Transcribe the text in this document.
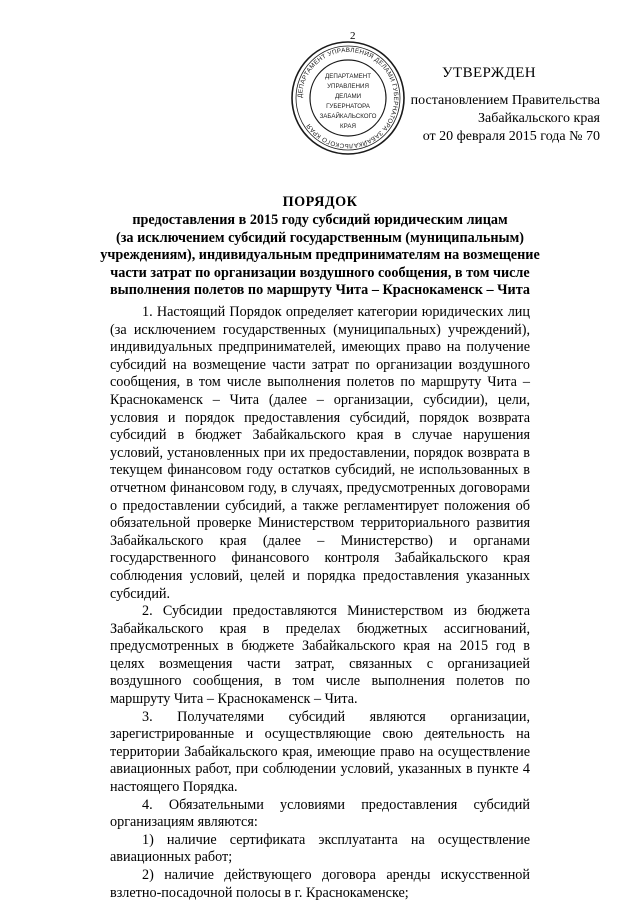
2
ДЕПАРТАМЕНТ УПРАВЛЕНИЯ ДЕЛАМИ ГУБЕРНАТОРА ЗАБАЙКАЛЬСКОГО КРАЯ
ДЕПАРТАМЕНТ
УПРАВЛЕНИЯ
ДЕЛАМИ
ГУБЕРНАТОРА
ЗАБАЙКАЛЬСКОГО
КРАЯ
УТВЕРЖДЕН
постановлением Правительства
Забайкальского края
от 20 февраля 2015 года № 70
ПОРЯДОК
предоставления в 2015 году субсидий юридическим лицам
(за исключением субсидий государственным (муниципальным)
учреждениям), индивидуальным предпринимателям на возмещение
части затрат по организации воздушного сообщения, в том числе
выполнения полетов по маршруту Чита – Краснокаменск – Чита

1. Настоящий Порядок определяет категории юридических лиц (за исключением государственных (муниципальных) учреждений), индивидуальных предпринимателей, имеющих право на получение субсидий на возмещение части затрат по организации воздушного сообщения, в том числе выполнения полетов по маршруту Чита – Краснокаменск – Чита (далее – организации, субсидии), цели, условия и порядок предоставления субсидий, порядок возврата субсидий в бюджет Забайкальского края в случае нарушения условий, установленных при их предоставлении, порядок возврата в текущем финансовом году остатков субсидий, не использованных в отчетном финансовом году, в случаях, предусмотренных договорами о предоставлении субсидий, а также регламентирует положения об обязательной проверке Министерством территориального развития Забайкальского края (далее – Министерство) и органами государственного финансового контроля Забайкальского края соблюдения условий, целей и порядка предоставления указанных субсидий.

2. Субсидии предоставляются Министерством из бюджета Забайкальского края в пределах бюджетных ассигнований, предусмотренных в бюджете Забайкальского края на 2015 год в целях возмещения части затрат, связанных с организацией воздушного сообщения, в том числе выполнения полетов по маршруту Чита – Краснокаменск – Чита.

3. Получателями субсидий являются организации, зарегистрированные и осуществляющие свою деятельность на территории Забайкальского края, имеющие право на осуществление авиационных работ, при соблюдении условий, указанных в пункте 4 настоящего Порядка.

4. Обязательными условиями предоставления субсидий организациям являются:

1) наличие сертификата эксплуатанта на осуществление авиационных работ;

2) наличие действующего договора аренды искусственной взлетно-посадочной полосы в г. Краснокаменске;
